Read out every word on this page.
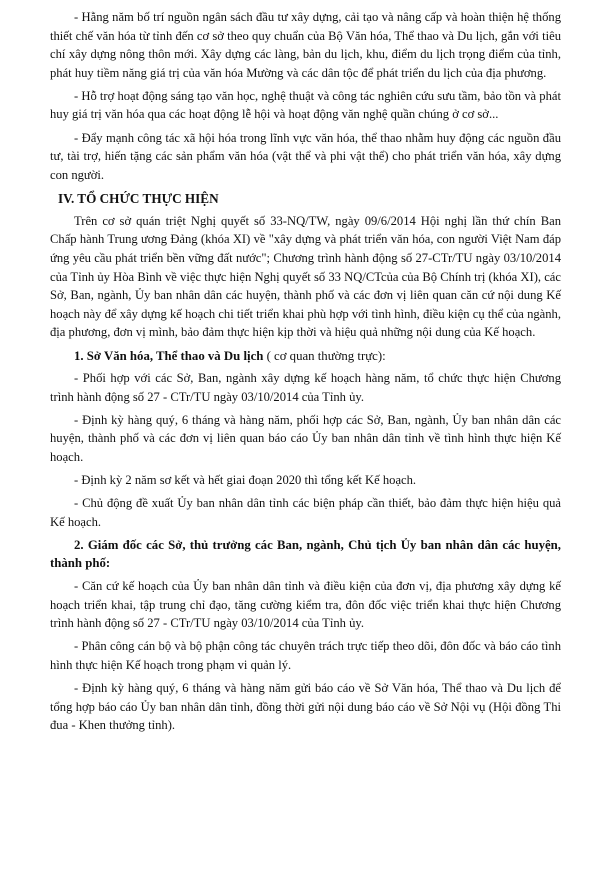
- Hằng năm bố trí nguồn ngân sách đầu tư xây dựng, cải tạo và nâng cấp và hoàn thiện hệ thống thiết chế văn hóa từ tỉnh đến cơ sở theo quy chuẩn của Bộ Văn hóa, Thể thao và Du lịch, gắn với tiêu chí xây dựng nông thôn mới. Xây dựng các làng, bản du lịch, khu, điểm du lịch trọng điểm của tỉnh, phát huy tiềm năng giá trị của văn hóa Mường và các dân tộc để phát triển du lịch của địa phương.

- Hỗ trợ hoạt động sáng tạo văn học, nghệ thuật và công tác nghiên cứu sưu tầm, bảo tồn và phát huy giá trị văn hóa qua các hoạt động lễ hội và hoạt động văn nghệ quần chúng ở cơ sở...

- Đẩy mạnh công tác xã hội hóa trong lĩnh vực văn hóa, thể thao nhằm huy động các nguồn đầu tư, tài trợ, hiến tặng các sản phẩm văn hóa (vật thể và phi vật thể) cho phát triển văn hóa, xây dựng con người.

IV. TỔ CHỨC THỰC HIỆN

Trên cơ sở quán triệt Nghị quyết số 33-NQ/TW, ngày 09/6/2014 Hội nghị lần thứ chín Ban Chấp hành Trung ương Đảng (khóa XI) về "xây dựng và phát triển văn hóa, con người Việt Nam đáp ứng yêu cầu phát triển bền vững đất nước"; Chương trình hành động số 27-CTr/TU ngày 03/10/2014 của Tỉnh ủy Hòa Bình về việc thực hiện Nghị quyết số 33 NQ/CTcủa của Bộ Chính trị (khóa XI), các Sở, Ban, ngành, Ủy ban nhân dân các huyện, thành phố và các đơn vị liên quan căn cứ nội dung Kế hoạch này để xây dựng kế hoạch chi tiết triển khai phù hợp với tình hình, điều kiện cụ thể của ngành, địa phương, đơn vị mình, bảo đảm thực hiện kịp thời và hiệu quả những nội dung của Kế hoạch.

1. Sở Văn hóa, Thể thao và Du lịch ( cơ quan thường trực):

- Phối hợp với các Sở, Ban, ngành xây dựng kế hoạch hàng năm, tổ chức thực hiện Chương trình hành động số 27 - CTr/TU ngày 03/10/2014 của Tỉnh ủy.

- Định kỳ hàng quý, 6 tháng và hàng năm, phối hợp các Sở, Ban, ngành, Ủy ban nhân dân các huyện, thành phố và các đơn vị liên quan báo cáo Ủy ban nhân dân tỉnh về tình hình thực hiện Kế hoạch.

- Định kỳ 2 năm sơ kết và hết giai đoạn 2020 thì tổng kết Kế hoạch.

- Chủ động đề xuất Ủy ban nhân dân tỉnh các biện pháp cần thiết, bảo đảm thực hiện hiệu quả Kế hoạch.

2. Giám đốc các Sở, thủ trưởng các Ban, ngành, Chủ tịch Ủy ban nhân dân các huyện, thành phố:

- Căn cứ kế hoạch của Ủy ban nhân dân tỉnh và điều kiện của đơn vị, địa phương xây dựng kế hoạch triển khai, tập trung chỉ đạo, tăng cường kiểm tra, đôn đốc việc triển khai thực hiện Chương trình hành động số 27 - CTr/TU ngày 03/10/2014 của Tỉnh ủy.

- Phân công cán bộ và bộ phận công tác chuyên trách trực tiếp theo dõi, đôn đốc và báo cáo tình hình thực hiện Kế hoạch trong phạm vi quản lý.

- Định kỳ hàng quý, 6 tháng và hàng năm gửi báo cáo về Sở Văn hóa, Thể thao và Du lịch để tổng hợp báo cáo Ủy ban nhân dân tỉnh, đồng thời gửi nội dung báo cáo về Sở Nội vụ (Hội đồng Thi đua - Khen thưởng tỉnh).
